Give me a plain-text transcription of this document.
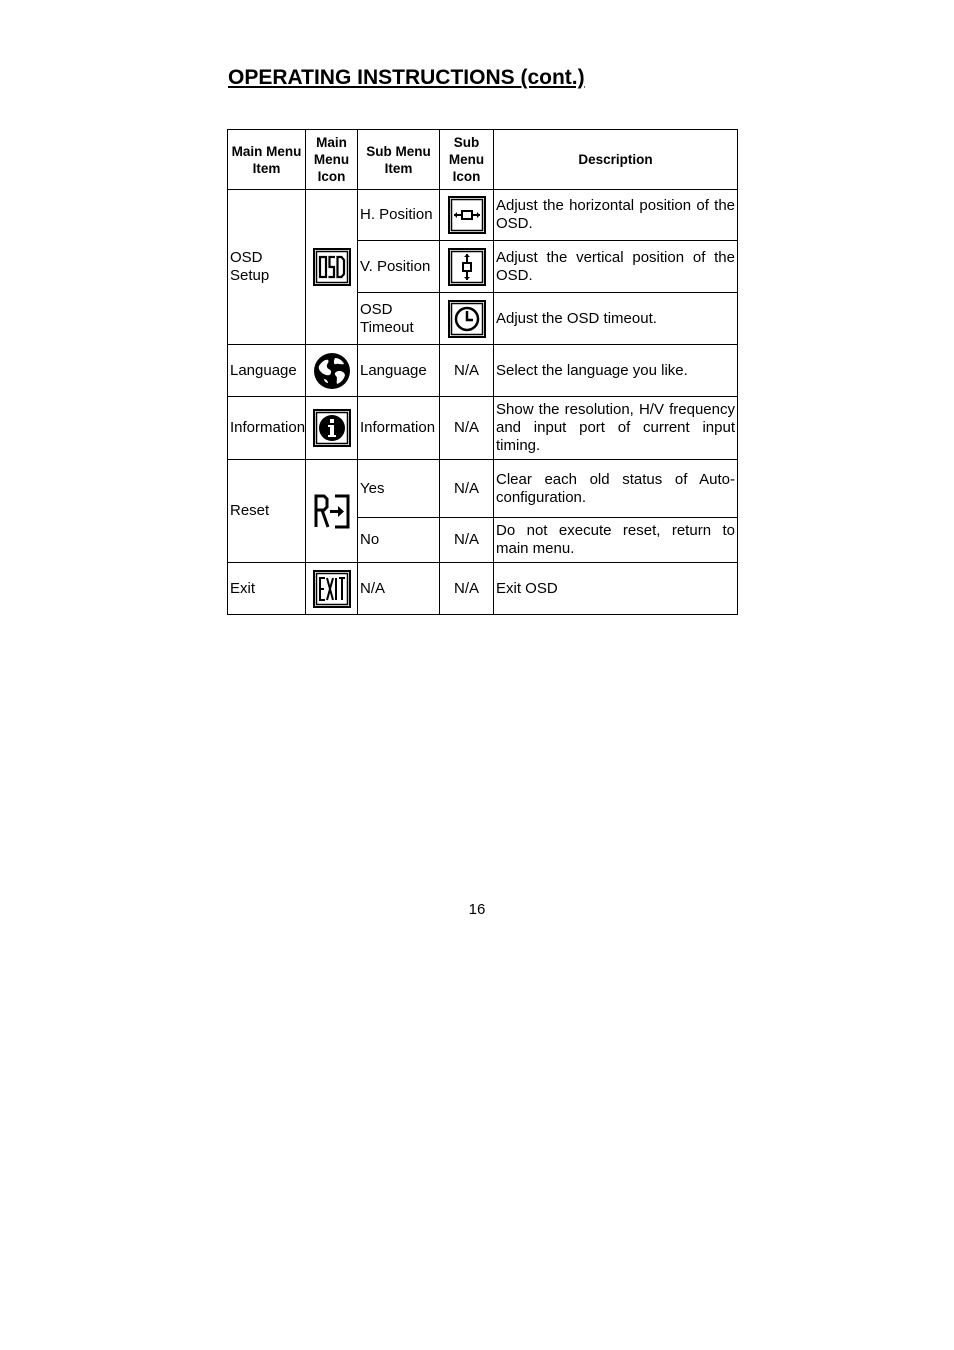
OPERATING INSTRUCTIONS (cont.)
Main Menu Item	Main Menu Icon	Sub Menu Item	Sub Menu Icon	Description
OSD Setup		H. Position		Adjust the horizontal position of the OSD.
		V. Position		Adjust the vertical position of the OSD.
		OSD Timeout		Adjust the OSD timeout.
Language		Language	N/A	Select the language you like.
Information		Information	N/A	Show the resolution, H/V frequency and input port of current input timing.
Reset		Yes	N/A	Clear each old status of Auto-configuration.
		No	N/A	Do not execute reset, return to main menu.
Exit		N/A	N/A	Exit OSD
16
